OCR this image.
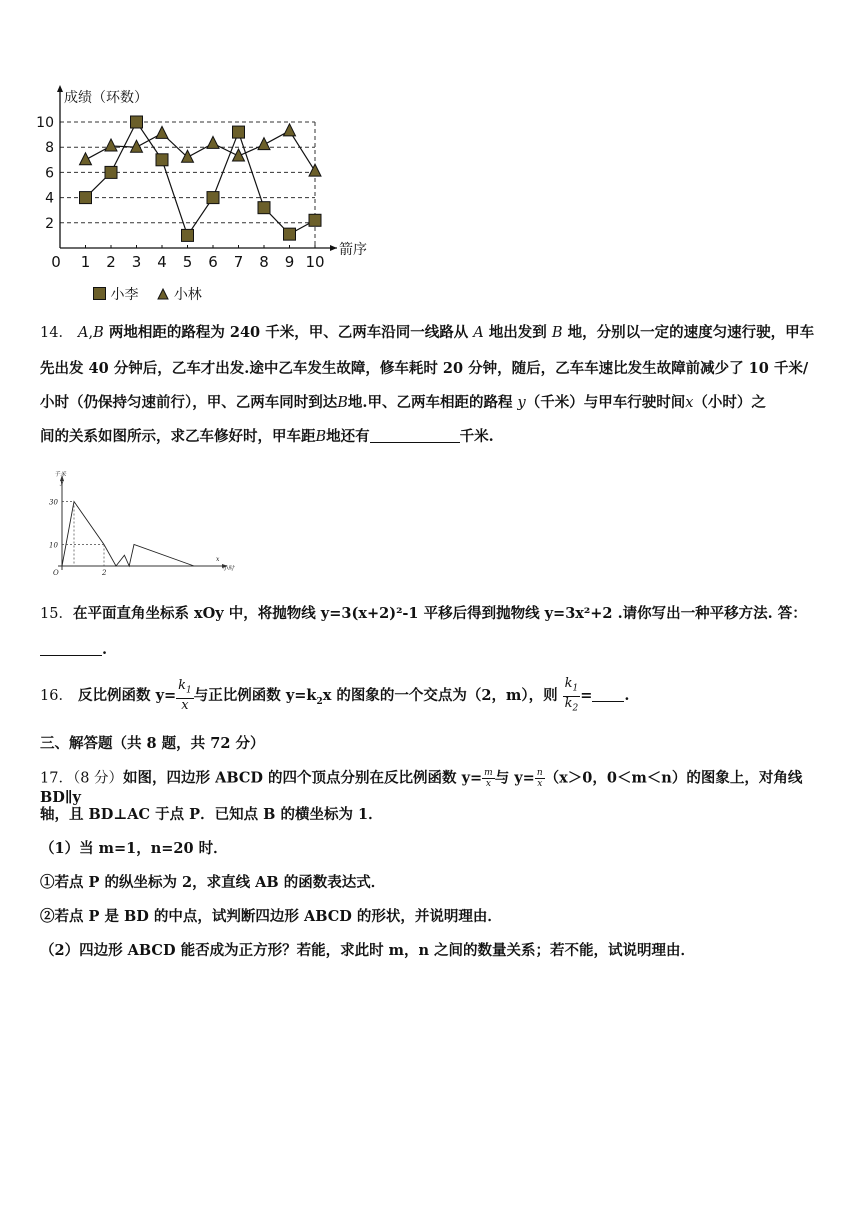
2
4
6
8
10
0 1 2 3 4 5 6 7 8 9 10
成绩（环数）
箭序
小李	小林
14． A,B 两地相距的路程为 240 千米，甲、乙两车沿同一线路从 A 地出发到 B 地，分别以一定的速度匀速行驶，甲车
先出发 40 分钟后，乙车才出发.途中乙车发生故障，修车耗时 20 分钟，随后，乙车车速比发生故障前减少了 10 千米/
小时（仍保持匀速前行），甲、乙两车同时到达B地.甲、乙两车相距的路程 y（千米）与甲车行驶时间x（小时）之
间的关系如图所示，求乙车修好时，甲车距B地还有	千米.
千米
y
30
10
O	2
x
小时
15．在平面直角坐标系 xOy 中，将抛物线 y=3(x+2)²-1 平移后得到抛物线 y=3x²+2 .请你写出一种平移方法. 答：
.
16． 反比例函数 $y= \frac{k_1}{x}$ 与正比例函数 $y=k_2x$ 的图象的一个交点为（2，m），则 $\frac{k_1}{k_2}$ = .
三、解答题（共 8 题，共 72 分）
17．（8 分）如图，四边形 ABCD 的四个顶点分别在反比例函数 $y= \frac{m}{x}$ 与 $y= \frac{n}{x} (x>0$，0＜m＜n）的图象上，对角线 BD∥y
轴，且 BD⊥AC 于点 P．已知点 B 的横坐标为 1．
（1）当 m=1，n=20 时．
①若点 P 的纵坐标为 2，求直线 AB 的函数表达式．
②若点 P 是 BD 的中点，试判断四边形 ABCD 的形状，并说明理由．
（2）四边形 ABCD 能否成为正方形？若能，求此时 m，n 之间的数量关系；若不能，试说明理由．
